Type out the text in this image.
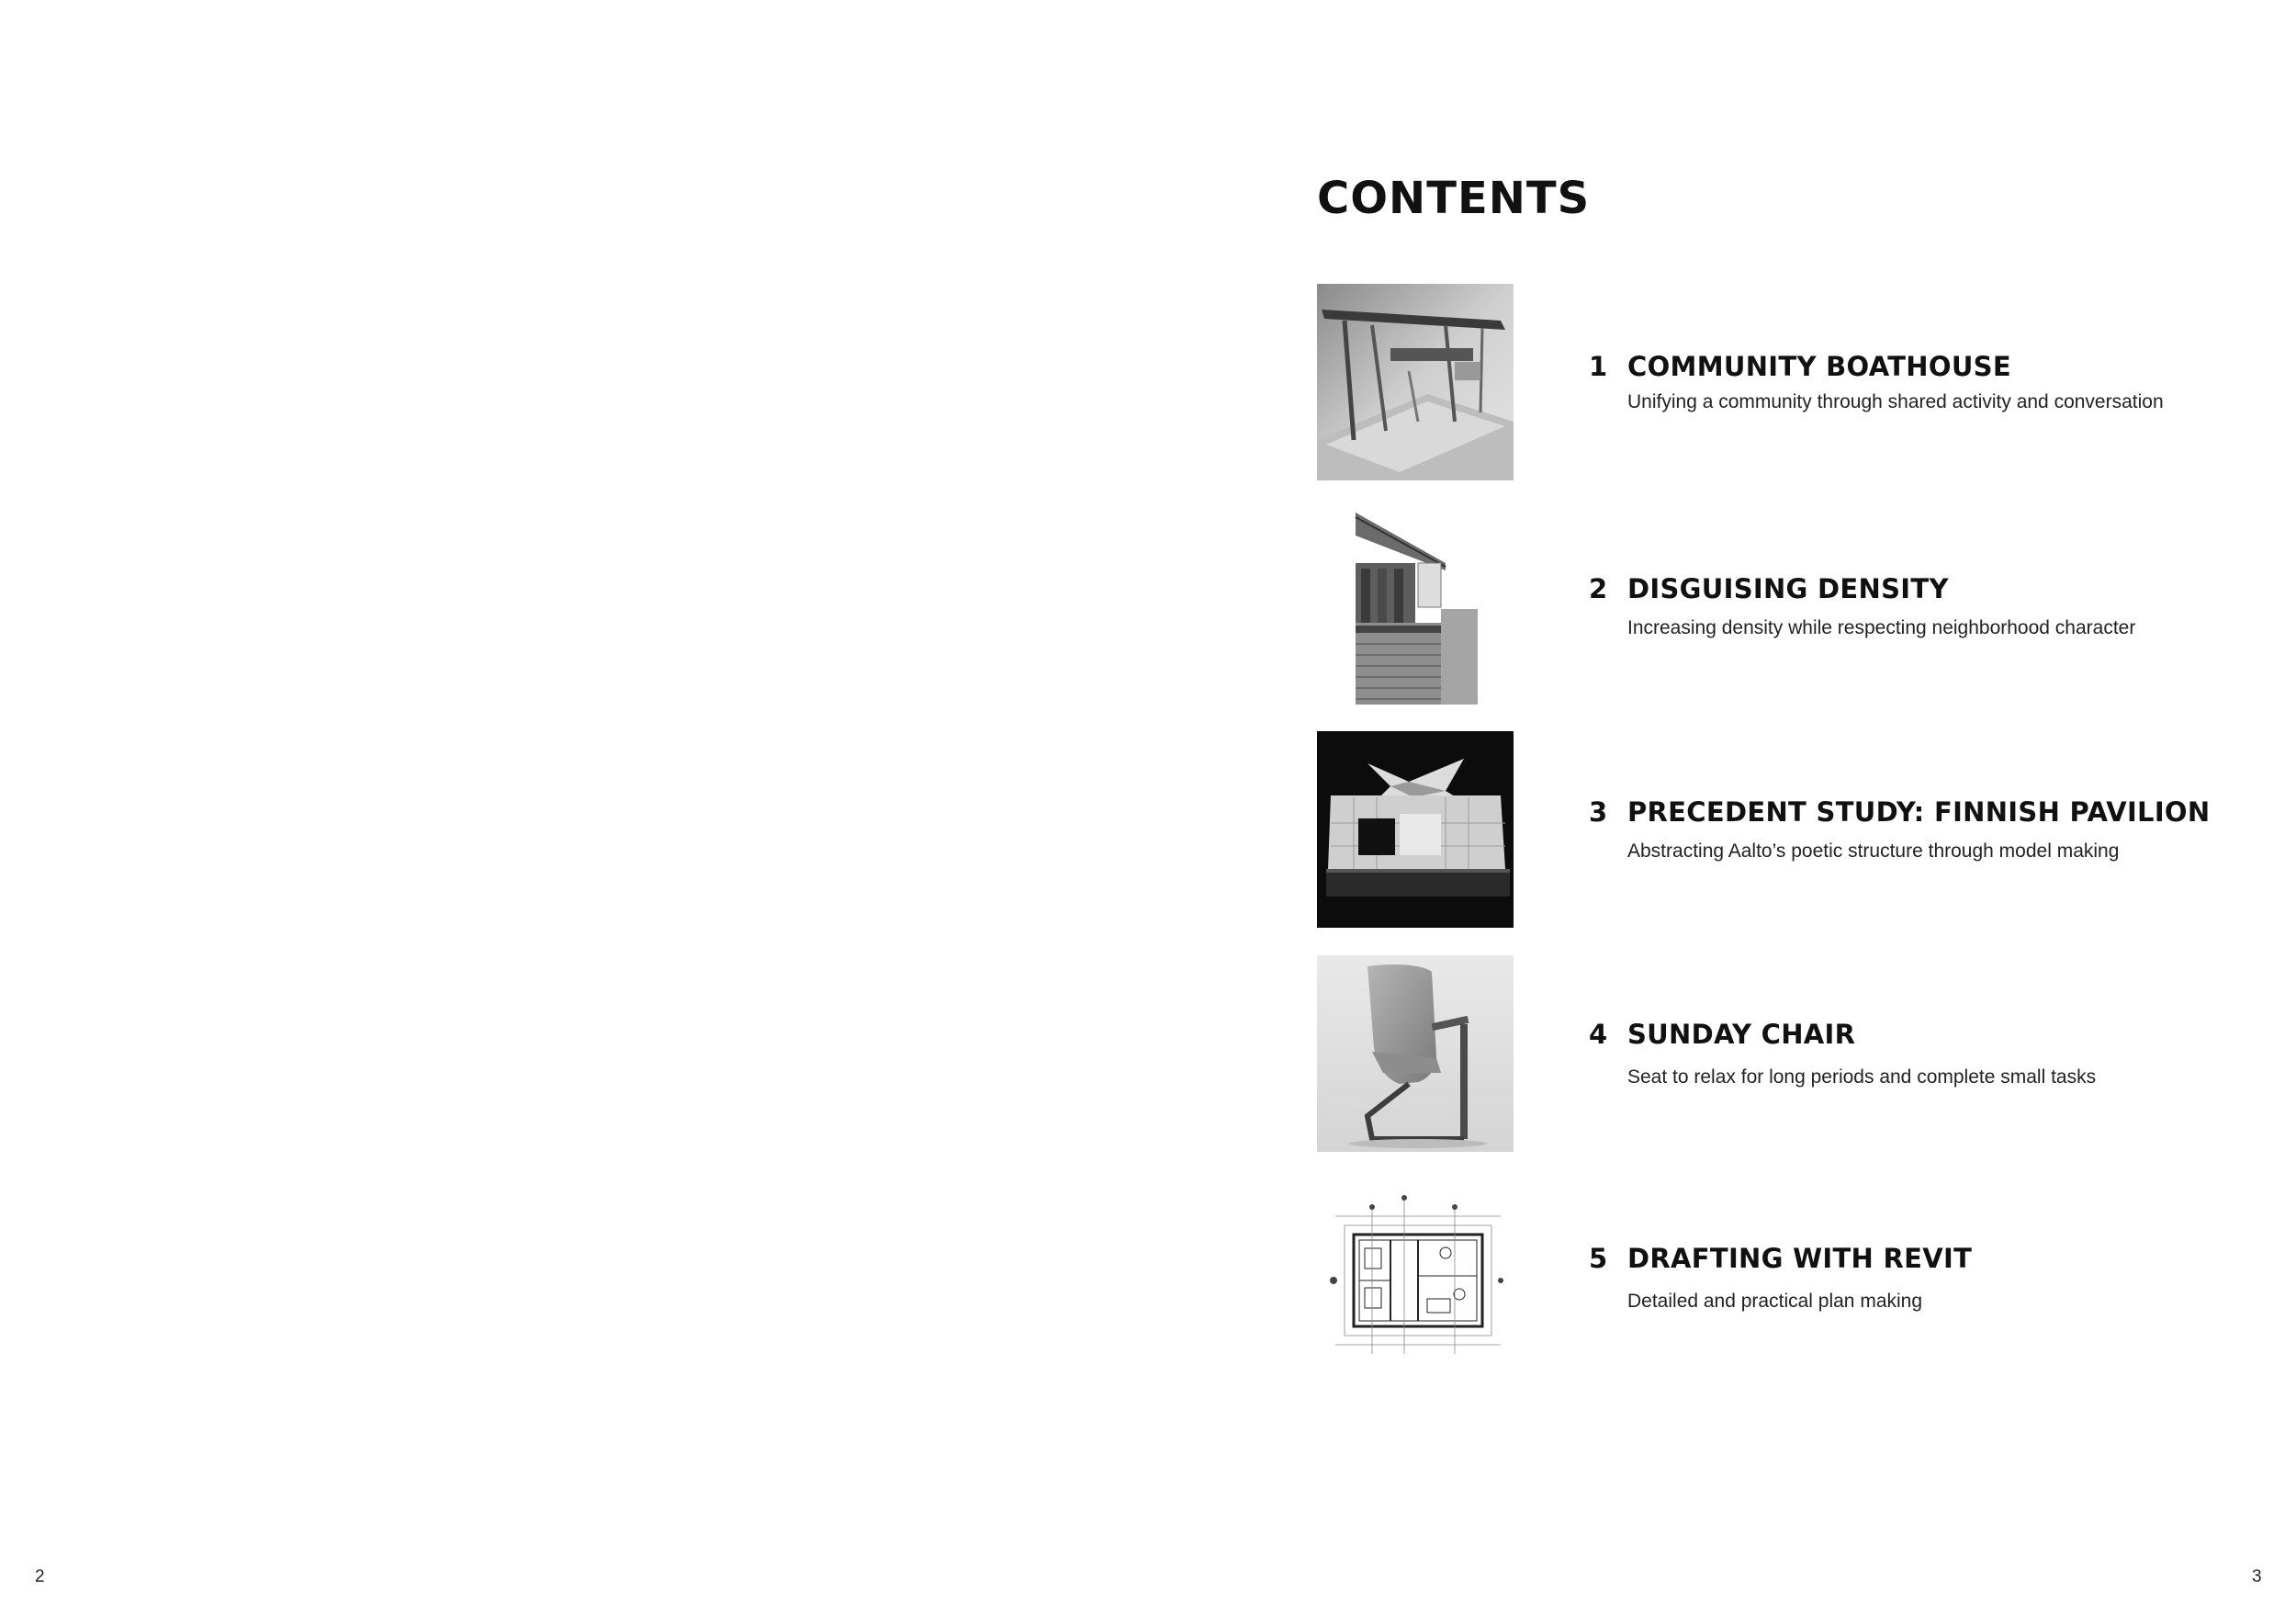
CONTENTS
1 COMMUNITY BOATHOUSE
Unifying a community through shared activity and conversation
2 DISGUISING DENSITY
Increasing density while respecting neighborhood character
3 PRECEDENT STUDY: FINNISH PAVILION
Abstracting Aalto’s poetic structure through model making
4 SUNDAY CHAIR
Seat to relax for long periods and complete small tasks
5 DRAFTING WITH REVIT
Detailed and practical plan making
2	3
